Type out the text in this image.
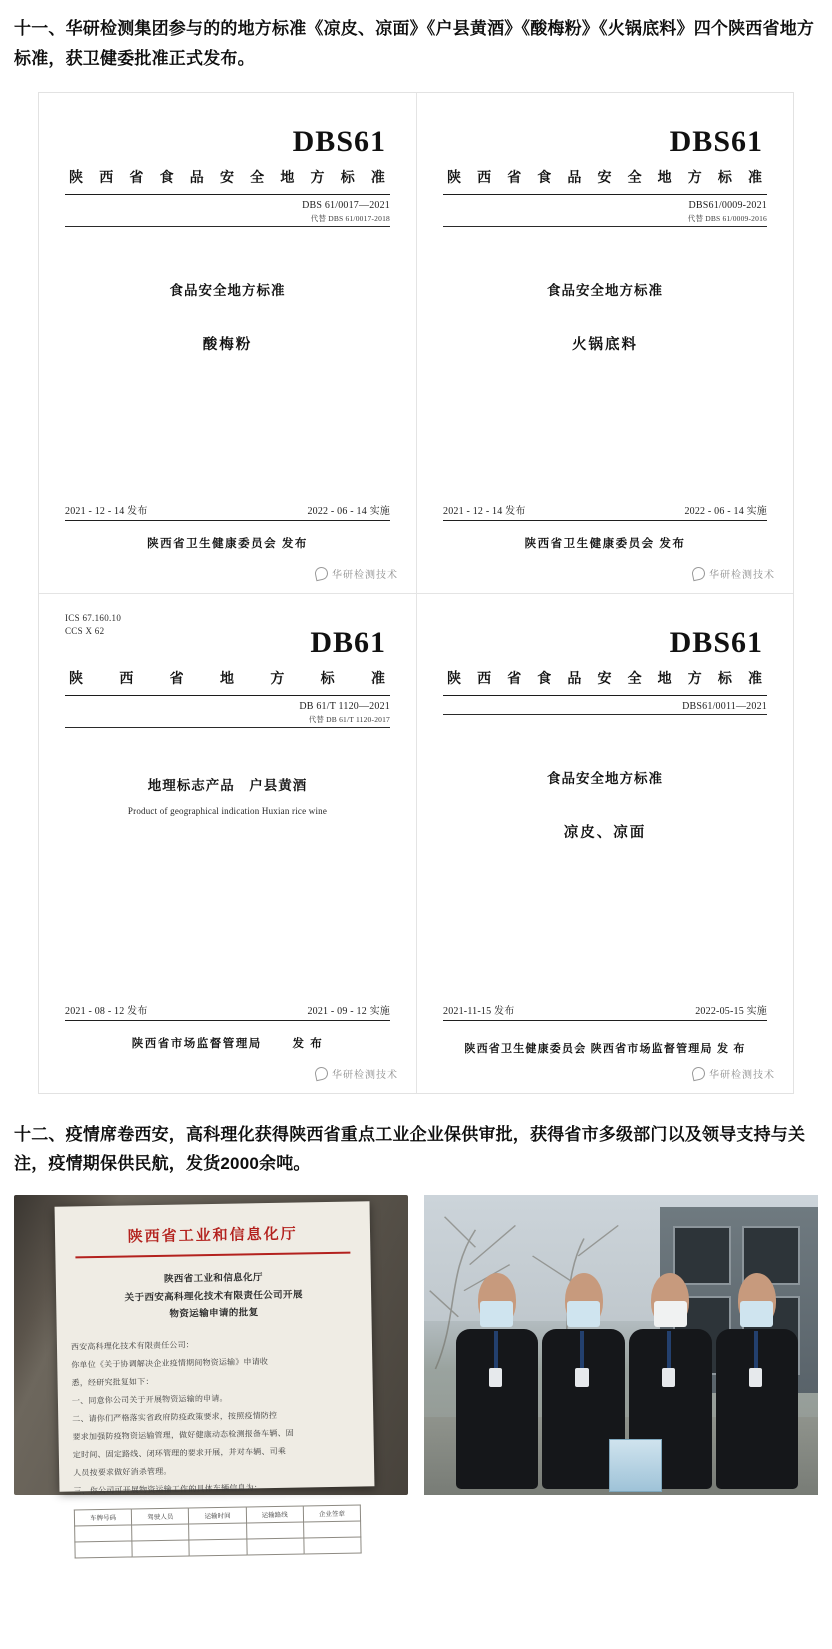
十一、华研检测集团参与的的地方标准《凉皮、凉面》《户县黄酒》《酸梅粉》《火锅底料》四个陕西省地方标准，获卫健委批准正式发布。
DBS61
陕 西 省 食 品 安 全 地 方 标 准
DBS 61/0017—2021
代替 DBS 61/0017-2018
食品安全地方标准
酸梅粉
2021 - 12 - 14 发布	2022 - 06 - 14 实施
陕西省卫生健康委员会 发布
华研检测技术
DBS61
陕 西 省 食 品 安 全 地 方 标 准
DBS61/0009-2021
代替 DBS 61/0009-2016
食品安全地方标准
火锅底料
2021 - 12 - 14 发布	2022 - 06 - 14 实施
陕西省卫生健康委员会 发布
华研检测技术
ICS 67.160.10
CCS X 62	DB61
陕	西	省	地	方	标	准
DB 61/T 1120—2021
代替 DB 61/T 1120-2017
地理标志产品　户县黄酒
Product of geographical indication Huxian rice wine
2021 - 08 - 12 发布	2021 - 09 - 12 实施
陕西省市场监督管理局	发 布
华研检测技术
DBS61
陕 西 省 食 品 安 全 地 方 标 准
DBS61/0011—2021
食品安全地方标准
凉皮、凉面
2021-11-15 发布	2022-05-15 实施
陕西省卫生健康委员会 陕西省市场监督管理局 发 布
华研检测技术
十二、疫情席卷西安，高科理化获得陕西省重点工业企业保供审批，获得省市多级部门以及领导支持与关注，疫情期保供民航，发货2000余吨。
陕西省工业和信息化厅
陕西省工业和信息化厅
关于西安高科理化技术有限责任公司开展
物资运输申请的批复

西安高科理化技术有限责任公司：

你单位《关于协调解决企业疫情期间物资运输》申请收

悉，经研究批复如下：

一、同意你公司关于开展物资运输的申请。

二、请你们严格落实省政府防疫政策要求，按照疫情防控

要求加强防疫物资运输管理，做好健康动态检测报备车辆、固

定时间、固定路线、闭环管理的要求开展，并对车辆、司乘

人员按要求做好消杀管理。

三、你公司可开展物资运输工作的具体车辆信息为：

车牌号码	驾驶人员	运输时间	运输路线	企业签章
